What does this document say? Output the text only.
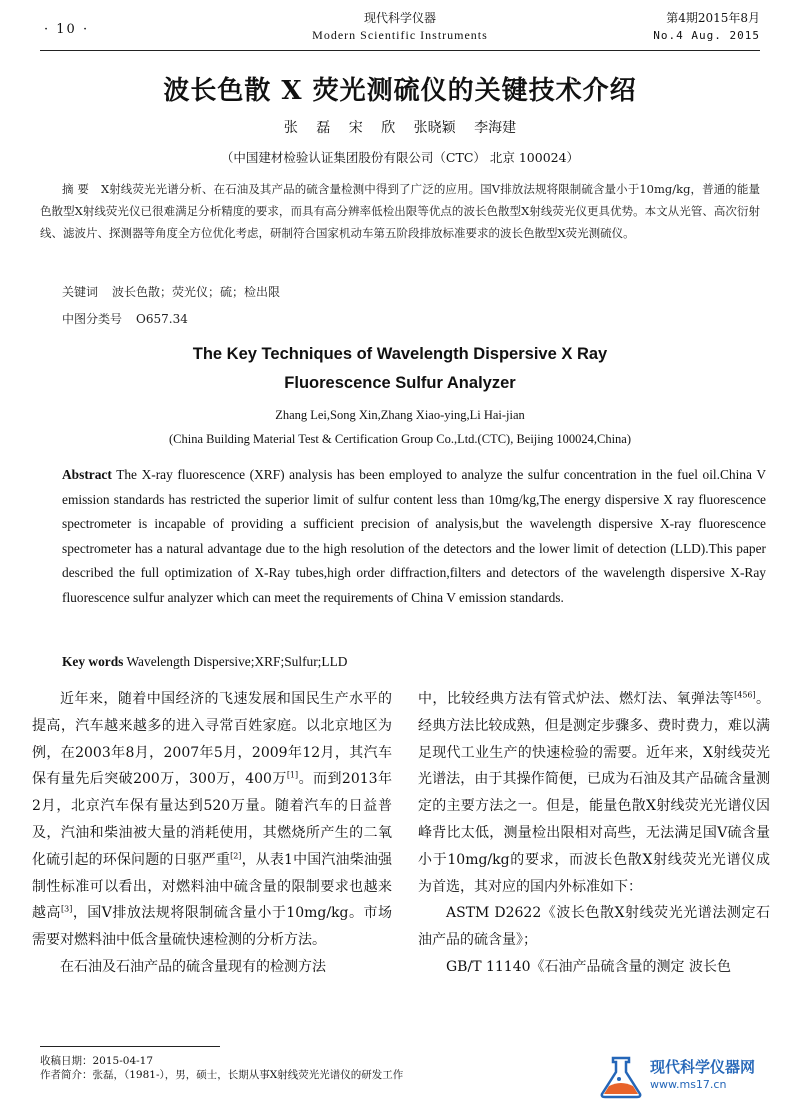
· 10 ·
现代科学仪器
Modern Scientific Instruments
第4期2015年8月
No.4 Aug. 2015
波长色散 X 荧光测硫仪的关键技术介绍
张 磊 宋 欣 张晓颖 李海建
（中国建材检验认证集团股份有限公司（CTC） 北京 100024）
摘 要 X射线荧光光谱分析、在石油及其产品的硫含量检测中得到了广泛的应用。国Ⅴ排放法规将限制硫含量小于10mg/kg，普通的能量色散型X射线荧光仪已很难满足分析精度的要求，而具有高分辨率低检出限等优点的波长色散型X射线荧光仪更具优势。本文从光管、高次衍射线、滤波片、探测器等角度全方位优化考虑，研制符合国家机动车第五阶段排放标准要求的波长色散型X荧光测硫仪。
关键词 波长色散；荧光仪；硫；检出限
中图分类号 O657.34
The Key Techniques of Wavelength Dispersive X Ray
Fluorescence Sulfur Analyzer
Zhang Lei,Song Xin,Zhang Xiao-ying,Li Hai-jian
(China Building Material Test & Certification Group Co.,Ltd.(CTC), Beijing 100024,China)
Abstract The X-ray fluorescence (XRF) analysis has been employed to analyze the sulfur concentration in the fuel oil.China V emission standards has restricted the superior limit of sulfur content less than 10mg/kg,The energy dispersive X ray fluorescence spectrometer is incapable of providing a sufficient precision of analysis,but the wavelength dispersive X-ray fluorescence spectrometer has a natural advantage due to the high resolution of the detectors and the lower limit of detection (LLD).This paper described the full optimization of X-Ray tubes,high order diffraction,filters and detectors of the wavelength dispersive X-Ray fluorescence sulfur analyzer which can meet the requirements of China V emission standards.
Key words Wavelength Dispersive;XRF;Sulfur;LLD

近年来，随着中国经济的飞速发展和国民生产水平的提高，汽车越来越多的进入寻常百姓家庭。以北京地区为例，在2003年8月，2007年5月，2009年12月，其汽车保有量先后突破200万，300万，400万[1]。而到2013年2月，北京汽车保有量达到520万量。随着汽车的日益普及，汽油和柴油被大量的消耗使用，其燃烧所产生的二氧化硫引起的环保问题的日驱严重[2]，从表1中国汽油柴油强制性标准可以看出，对燃料油中硫含量的限制要求也越来越高[3]，国Ⅴ排放法规将限制硫含量小于10mg/kg。市场需要对燃料油中低含量硫快速检测的分析方法。

在石油及石油产品的硫含量现有的检测方法

中，比较经典方法有管式炉法、燃灯法、氧弹法等[456]。经典方法比较成熟，但是测定步骤多、费时费力，难以满足现代工业生产的快速检验的需要。近年来，X射线荧光光谱法，由于其操作简便，已成为石油及其产品硫含量测定的主要方法之一。但是，能量色散X射线荧光光谱仪因峰背比太低，测量检出限相对高些，无法满足国Ⅴ硫含量小于10mg/kg的要求，而波长色散X射线荧光光谱仪成为首选，其对应的国内外标准如下：

ASTM D2622《波长色散X射线荧光光谱法测定石油产品的硫含量》；

GB/T 11140《石油产品硫含量的测定 波长色

收稿日期：2015-04-17
作者简介：张磊，（1981-），男，硕士，长期从事X射线荧光光谱仪的研发工作	现代科学仪器网
www.ms17.cn
